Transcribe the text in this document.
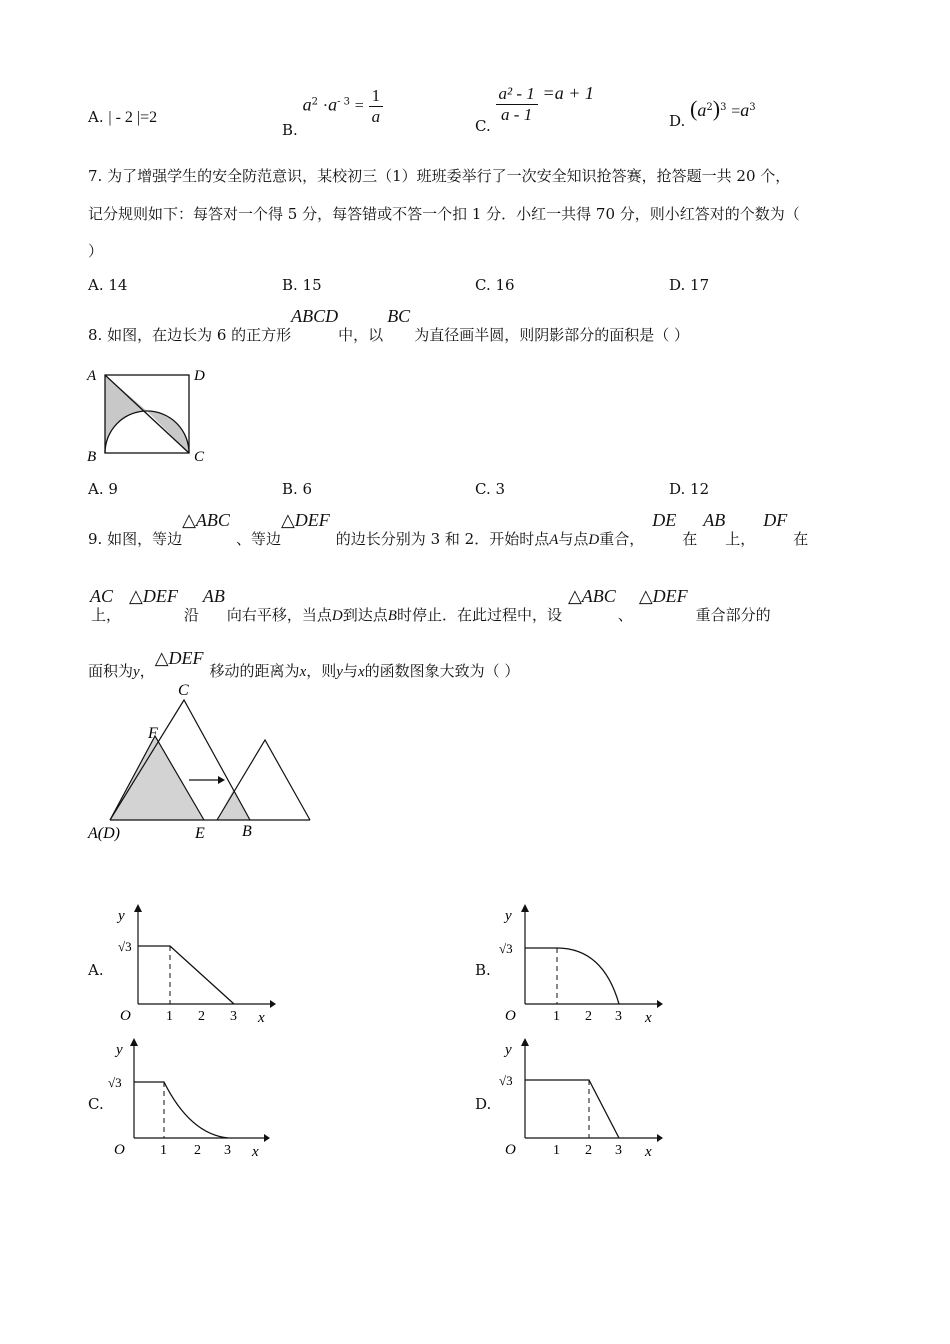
A. | - 2 |=2
B. $a^2 \cdot a^{- 3} = \frac{1}{a}$	C.
$\frac{\text{a² - 1}}{a - 1} =a + 1$
D. $(a^2)^3 =a^3$
7. 为了增强学生的安全防范意识，某校初三（1）班班委举行了一次安全知识抢答赛，抢答题一共 20 个，
记分规则如下：每答对一个得 5 分，每答错或不答一个扣 1 分．小红一共得 70 分，则小红答对的个数为（
）
A. 14	B. 15	C. 16	D. 17
8. 如图，在边长为 6 的正方形ABCD中，以BC为直径画半圆，则阴影部分的面积是（ ）
A	D
B	C
A. 9	B. 6	C. 3	D. 12
9. 如图，等边△ABC、等边△DEF的边长分别为 3 和 2．开始时点A与点D重合，DE在AB上，DF在
AC上，△DEF沿AB向右平移，当点D到达点B时停止．在此过程中，设△ABC、△DEF重合部分的
面积为y，△DEF移动的距离为x，则y与x的函数图象大致为（ ）
C
F
A(D)	E B
A.	B.
C.	D.
y
√3
O	1 2 3 x
y
√3
O	1 2 3 x
y
√3
O	1 2 3 x
y
√3
O	1 2 3 x
